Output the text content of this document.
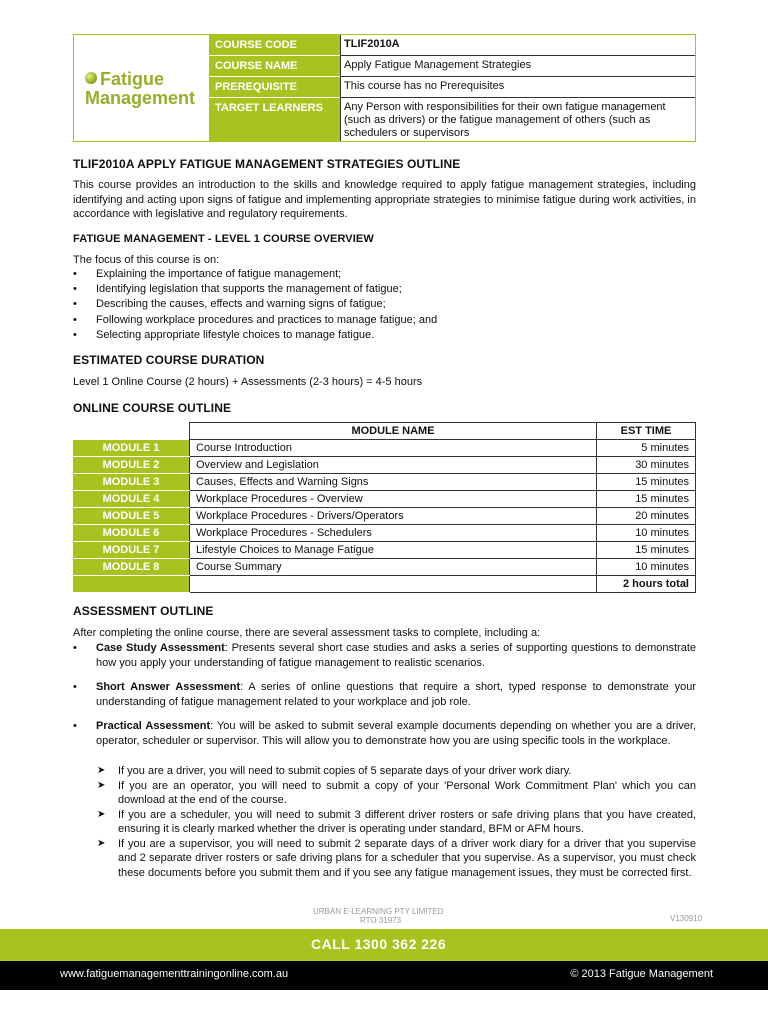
Fatigue
Management
COURSE CODE	TLIF2010A
COURSE NAME	Apply Fatigue Management Strategies
PREREQUISITE	This course has no Prerequisites
TARGET LEARNERS	Any Person with responsibilities for their own fatigue management (such as drivers) or the fatigue management of others (such as schedulers or supervisors
TLIF2010A APPLY FATIGUE MANAGEMENT STRATEGIES OUTLINE

This course provides an introduction to the skills and knowledge required to apply fatigue management strategies, including identifying and acting upon signs of fatigue and implementing appropriate strategies to minimise fatigue during work activities, in accordance with legislative and regulatory requirements.

FATIGUE MANAGEMENT - LEVEL 1 COURSE OVERVIEW

The focus of this course is on:

• Explaining the importance of fatigue management;
• Identifying legislation that supports the management of fatigue;
• Describing the causes, effects and warning signs of fatigue;
• Following workplace procedures and practices to manage fatigue; and
• Selecting appropriate lifestyle choices to manage fatigue.
ESTIMATED COURSE DURATION

Level 1 Online Course (2 hours) + Assessments (2-3 hours) = 4-5 hours

ONLINE COURSE OUTLINE
	MODULE NAME	EST TIME
MODULE 1	Course Introduction	5 minutes
MODULE 2	Overview and Legislation	30 minutes
MODULE 3	Causes, Effects and Warning Signs	15 minutes
MODULE 4	Workplace Procedures - Overview	15 minutes
MODULE 5	Workplace Procedures - Drivers/Operators	20 minutes
MODULE 6	Workplace Procedures - Schedulers	10 minutes
MODULE 7	Lifestyle Choices to Manage Fatigue	15 minutes
MODULE 8	Course Summary	10 minutes
		2 hours total
ASSESSMENT OUTLINE

After completing the online course, there are several assessment tasks to complete, including a:

• Case Study Assessment: Presents several short case studies and asks a series of supporting questions to demonstrate how you apply your understanding of fatigue management to realistic scenarios.
• Short Answer Assessment: A series of online questions that require a short, typed response to demonstrate your understanding of fatigue management related to your workplace and job role.
• Practical Assessment: You will be asked to submit several example documents depending on whether you are a driver, operator, scheduler or supervisor. This will allow you to demonstrate how you are using specific tools in the workplace.
➤ If you are a driver, you will need to submit copies of 5 separate days of your driver work diary.
➤ If you are an operator, you will need to submit a copy of your 'Personal Work Commitment Plan' which you can download at the end of the course.
➤ If you are a scheduler, you will need to submit 3 different driver rosters or safe driving plans that you have created, ensuring it is clearly marked whether the driver is operating under standard, BFM or AFM hours.
➤ If you are a supervisor, you will need to submit 2 separate days of a driver work diary for a driver that you supervise and 2 separate driver rosters or safe driving plans for a scheduler that you supervise. As a supervisor, you must check these documents before you submit them and if you see any fatigue management issues, they must be corrected first.
URBAN E-LEARNING PTY LIMITED
RTO 31973	V130910
CALL 1300 362 226
www.fatiguemanagementtrainingonline.com.au	© 2013 Fatigue Management
